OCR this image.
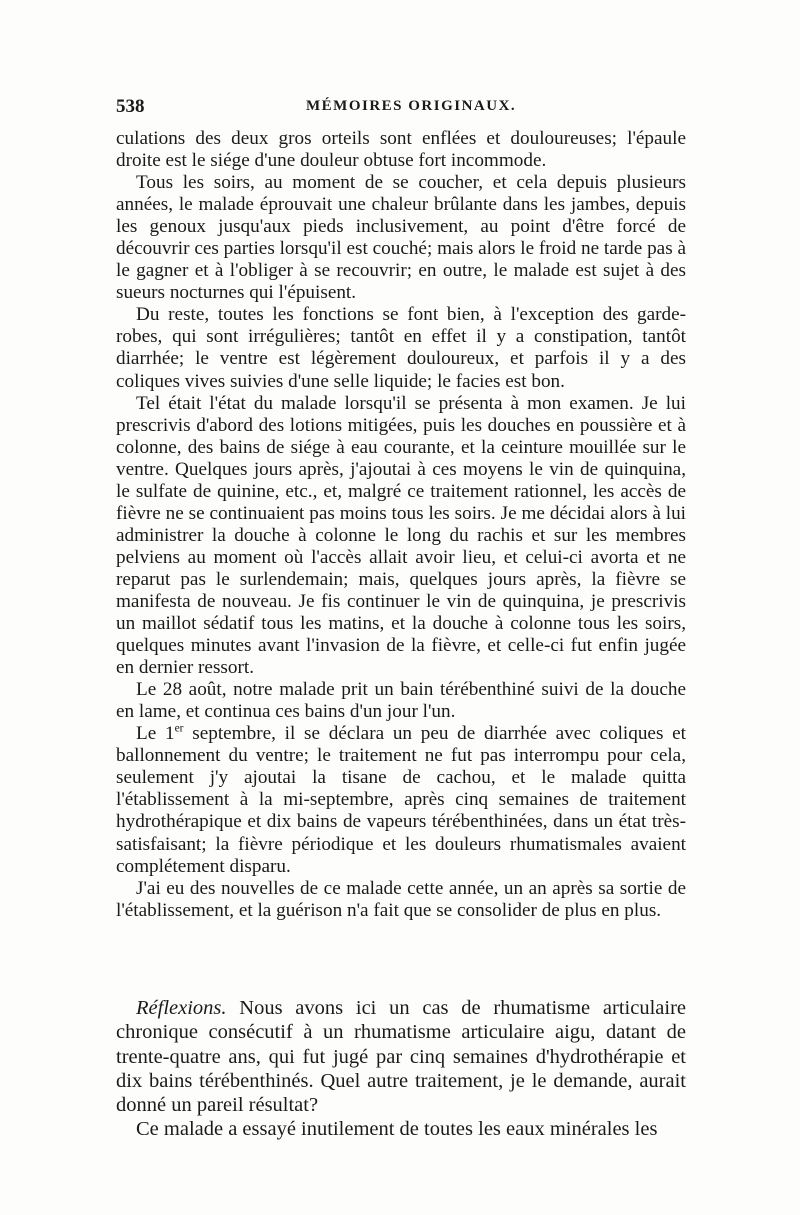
538	MÉMOIRES ORIGINAUX.

culations des deux gros orteils sont enflées et douloureuses; l'épaule droite est le siége d'une douleur obtuse fort incommode.

Tous les soirs, au moment de se coucher, et cela depuis plusieurs années, le malade éprouvait une chaleur brûlante dans les jambes, depuis les genoux jusqu'aux pieds inclusivement, au point d'être forcé de découvrir ces parties lorsqu'il est couché; mais alors le froid ne tarde pas à le gagner et à l'obliger à se recouvrir; en outre, le malade est sujet à des sueurs nocturnes qui l'épuisent.

Du reste, toutes les fonctions se font bien, à l'exception des garde-robes, qui sont irrégulières; tantôt en effet il y a constipation, tantôt diarrhée; le ventre est légèrement douloureux, et parfois il y a des coliques vives suivies d'une selle liquide; le facies est bon.

Tel était l'état du malade lorsqu'il se présenta à mon examen. Je lui prescrivis d'abord des lotions mitigées, puis les douches en poussière et à colonne, des bains de siége à eau courante, et la ceinture mouillée sur le ventre. Quelques jours après, j'ajoutai à ces moyens le vin de quinquina, le sulfate de quinine, etc., et, malgré ce traitement rationnel, les accès de fièvre ne se continuaient pas moins tous les soirs. Je me décidai alors à lui administrer la douche à colonne le long du rachis et sur les membres pelviens au moment où l'accès allait avoir lieu, et celui-ci avorta et ne reparut pas le surlendemain; mais, quelques jours après, la fièvre se manifesta de nouveau. Je fis continuer le vin de quinquina, je prescrivis un maillot sédatif tous les matins, et la douche à colonne tous les soirs, quelques minutes avant l'invasion de la fièvre, et celle-ci fut enfin jugée en dernier ressort.

Le 28 août, notre malade prit un bain térébenthiné suivi de la douche en lame, et continua ces bains d'un jour l'un.

Le 1er septembre, il se déclara un peu de diarrhée avec coliques et ballonnement du ventre; le traitement ne fut pas interrompu pour cela, seulement j'y ajoutai la tisane de cachou, et le malade quitta l'établissement à la mi-septembre, après cinq semaines de traitement hydrothérapique et dix bains de vapeurs térébenthinées, dans un état très-satisfaisant; la fièvre périodique et les douleurs rhumatismales avaient complétement disparu.

J'ai eu des nouvelles de ce malade cette année, un an après sa sortie de l'établissement, et la guérison n'a fait que se consolider de plus en plus.

Réflexions. Nous avons ici un cas de rhumatisme articulaire chronique consécutif à un rhumatisme articulaire aigu, datant de trente-quatre ans, qui fut jugé par cinq semaines d'hydrothérapie et dix bains térébenthinés. Quel autre traitement, je le demande, aurait donné un pareil résultat?

Ce malade a essayé inutilement de toutes les eaux minérales les
